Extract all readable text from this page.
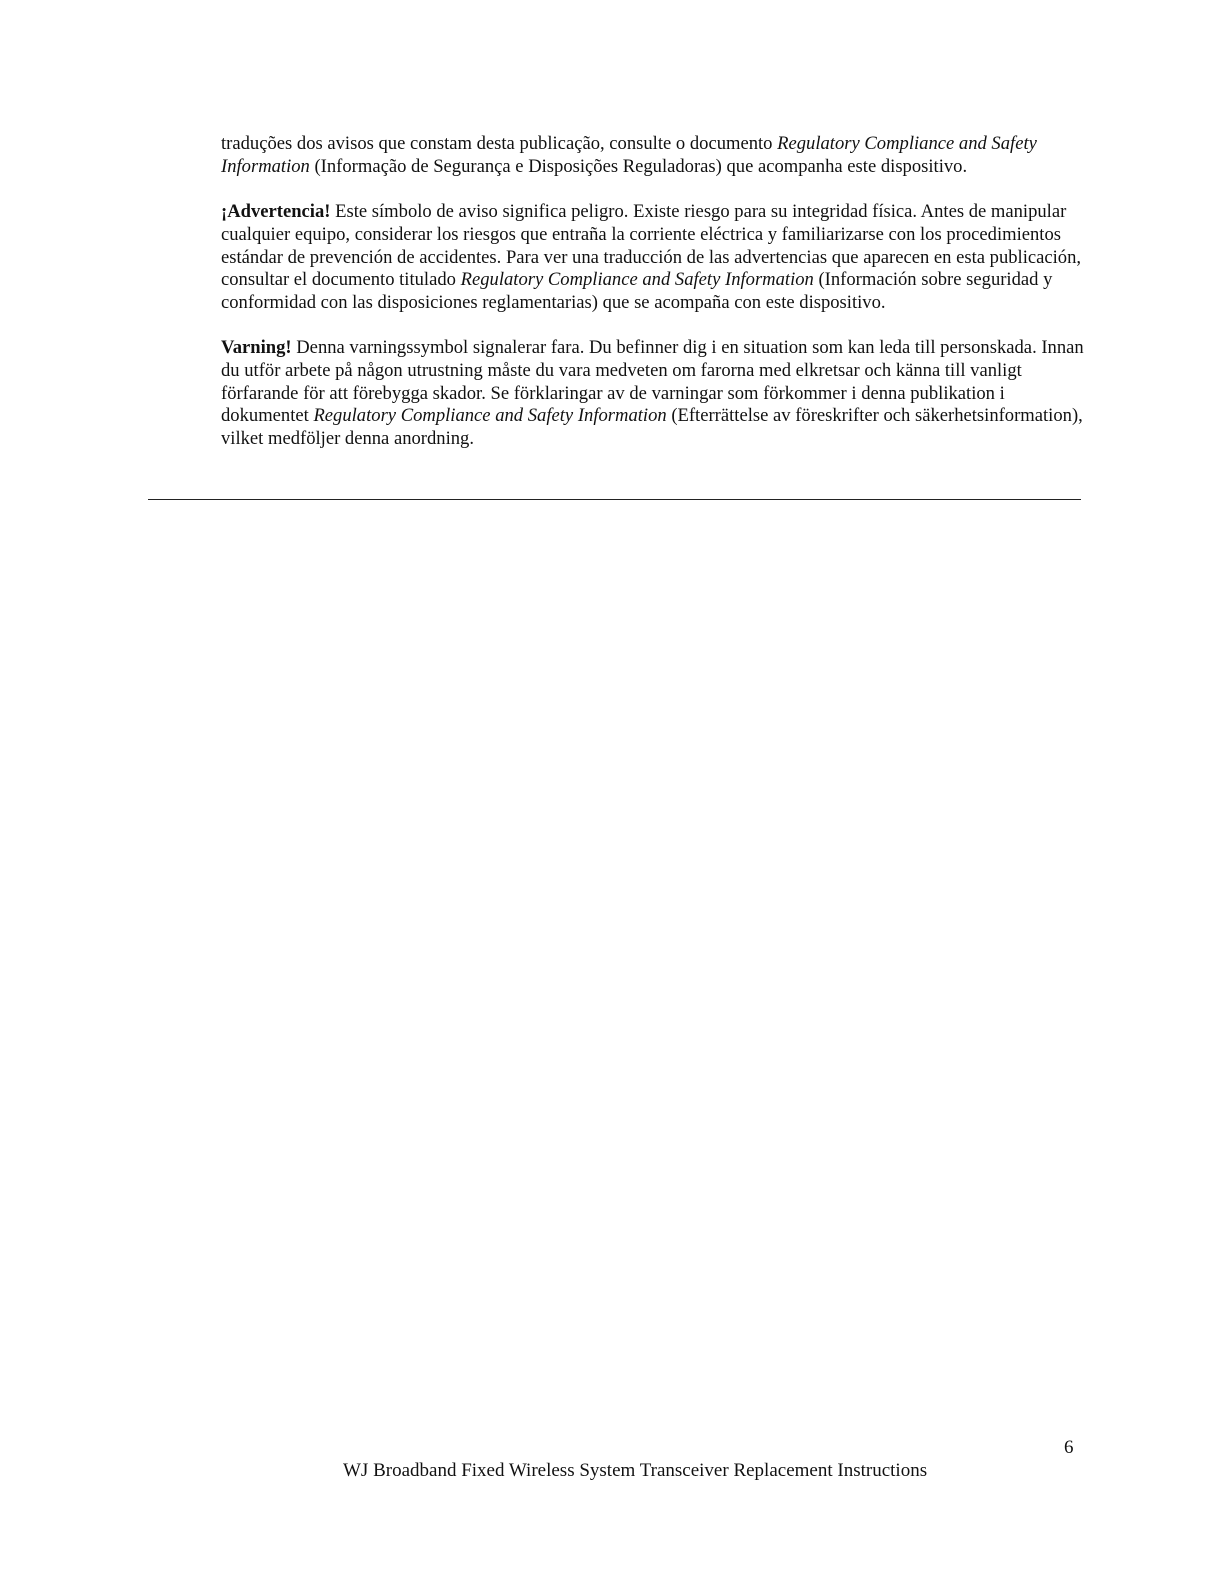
traduções dos avisos que constam desta publicação, consulte o documento Regulatory Compliance and Safety Information (Informação de Segurança e Disposições Reguladoras) que acompanha este dispositivo.

¡Advertencia! Este símbolo de aviso significa peligro. Existe riesgo para su integridad física. Antes de manipular cualquier equipo, considerar los riesgos que entraña la corriente eléctrica y familiarizarse con los procedimientos estándar de prevención de accidentes. Para ver una traducción de las advertencias que aparecen en esta publicación, consultar el documento titulado Regulatory Compliance and Safety Information (Información sobre seguridad y conformidad con las disposiciones reglamentarias) que se acompaña con este dispositivo.

Varning! Denna varningssymbol signalerar fara. Du befinner dig i en situation som kan leda till personskada. Innan du utför arbete på någon utrustning måste du vara medveten om farorna med elkretsar och känna till vanligt förfarande för att förebygga skador. Se förklaringar av de varningar som förkommer i denna publikation i dokumentet Regulatory Compliance and Safety Information (Efterrättelse av föreskrifter och säkerhetsinformation), vilket medföljer denna anordning.

6
WJ Broadband Fixed Wireless System Transceiver Replacement Instructions
